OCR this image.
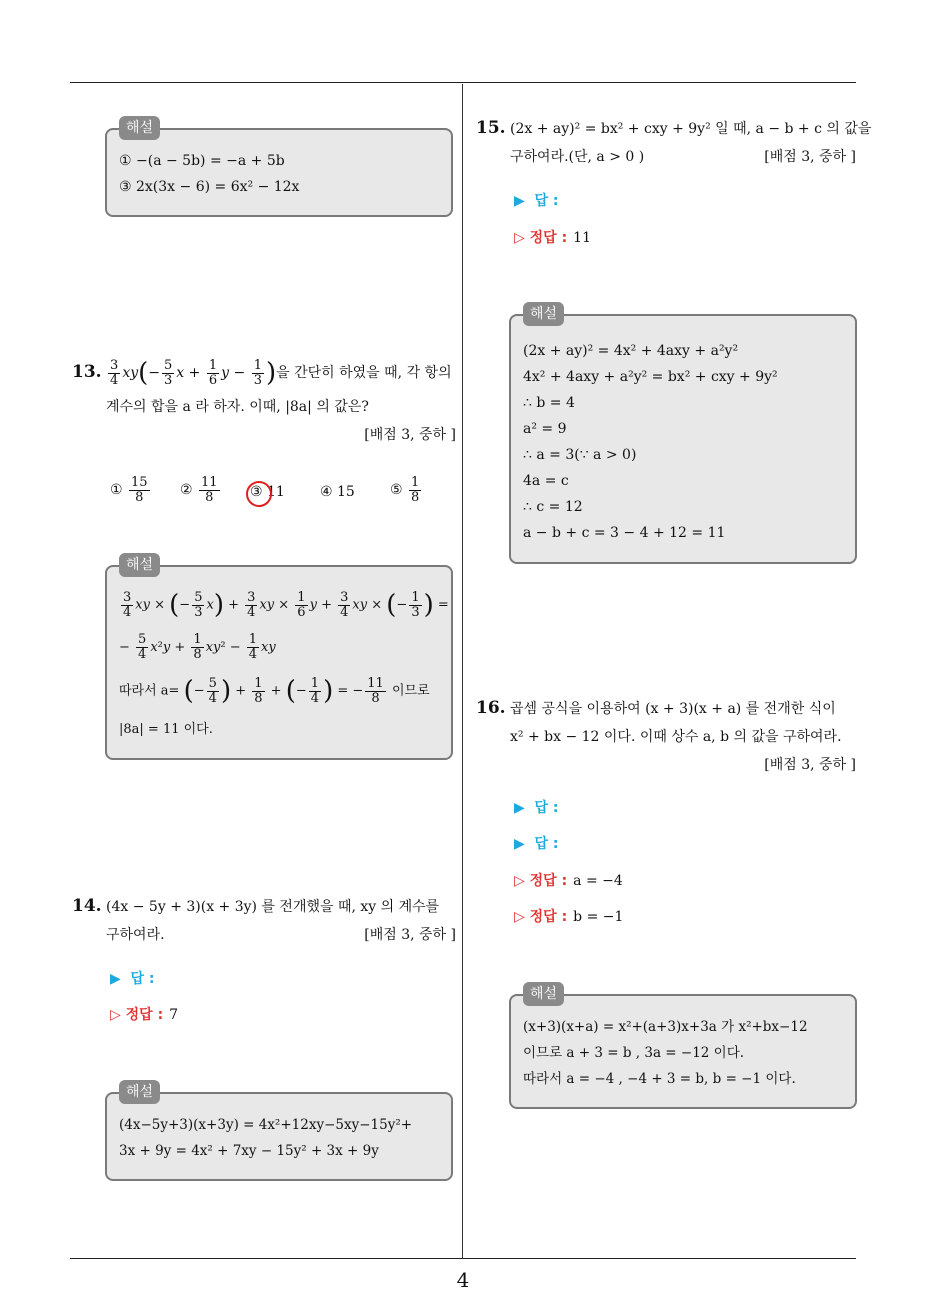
4
해설
① −(a − 5b) = −a + 5b
③ 2x(3x − 6) = 6x² − 12x
13. $\frac{3}{4} xy(- \frac{5}{3}$ $x + \frac{1}{6}$ $y - \frac{1}{3}$ )을 간단히 하였을 때, 각 항의
계수의 합을 a 라 하자. 이때, |8a| 의 값은?
[배점 3, 중하 ]
① $\frac{15}{8}$ ② $\frac{11}{8}$ ③ 11	④ 15	⑤ $\frac{1}{8}$
해설
$\frac{3}{4}$ xy × (− $\frac{5}{3} x) + \frac{3}{4}$ xy × $\frac{1}{6}$ $y + \frac{3}{4}$ xy × (− $\frac{1}{3}$ ) =
− $\frac{5}{4} x^2y + \frac{1}{8} xy^2 - \frac{1}{4}$ xy
따라서 a= (− $\frac{5}{4}$ ) + $\frac{1}{8}$ + (− $\frac{1}{4}$ ) = − $\frac{11}{8}$ 이므로
|8a| = 11 이다.
14. (4x − 5y + 3)(x + 3y) 를 전개했을 때, xy 의 계수를
구하여라.	[배점 3, 중하 ]
▶  답 :
▷ 정답 : 7
해설
(4x−5y+3)(x+3y) = 4x²+12xy−5xy−15y²+
3x + 9y = 4x² + 7xy − 15y² + 3x + 9y
15. (2x + ay)² = bx² + cxy + 9y² 일 때, a − b + c 의 값을
구하여라.(단, a > 0 )	[배점 3, 중하 ]
▶  답 :
▷ 정답 : 11
해설
(2x + ay)² = 4x² + 4axy + a²y²
4x² + 4axy + a²y² = bx² + cxy + 9y²
∴ b = 4
a² = 9
∴ a = 3(∵ a > 0)
4a = c
∴ c = 12
a − b + c = 3 − 4 + 12 = 11
16. 곱셈 공식을 이용하여 (x + 3)(x + a) 를 전개한 식이
x² + bx − 12 이다. 이때 상수 a, b 의 값을 구하여라.
[배점 3, 중하 ]
▶  답 :
▶  답 :
▷ 정답 : a = −4
▷ 정답 : b = −1
해설
(x+3)(x+a) = x²+(a+3)x+3a 가 x²+bx−12
이므로 a + 3 = b , 3a = −12 이다.
따라서 a = −4 , −4 + 3 = b, b = −1 이다.
